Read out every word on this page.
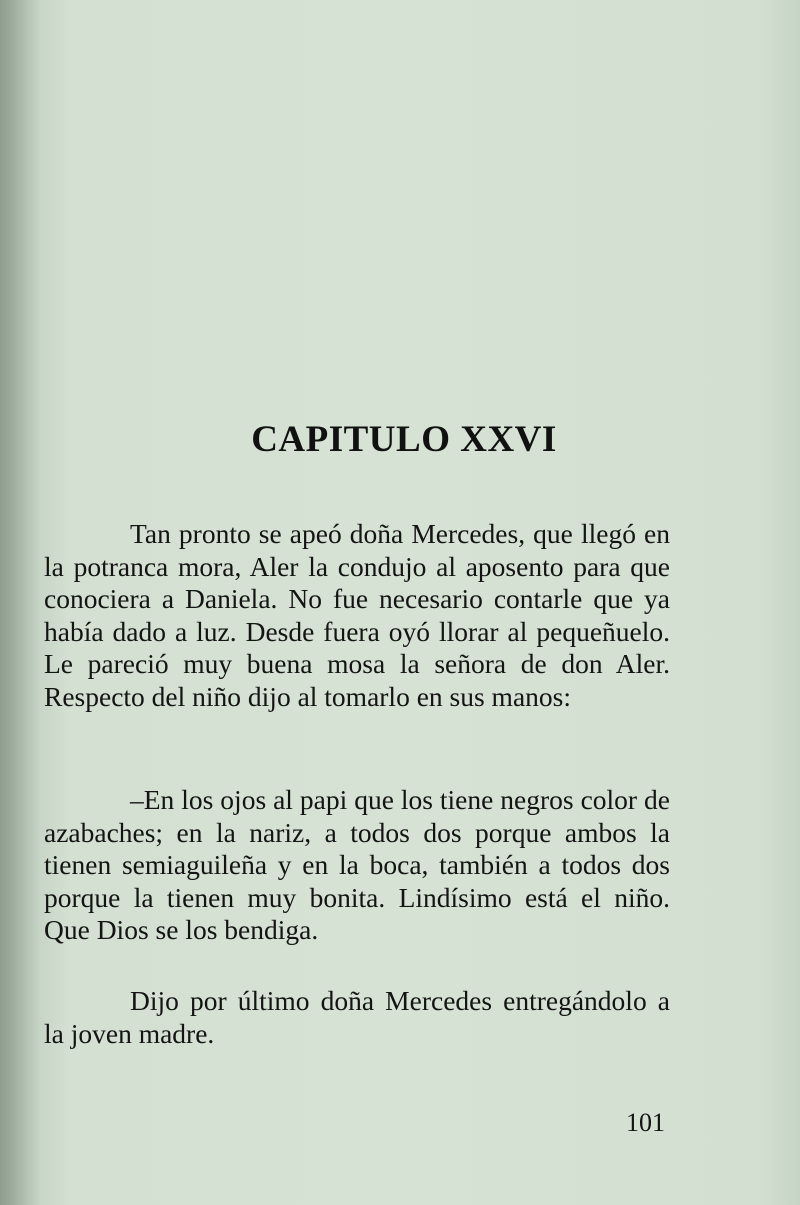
CAPITULO XXVI

Tan pronto se apeó doña Mercedes, que llegó en la potranca mora, Aler la condujo al aposento para que conociera a Daniela. No fue necesario contarle que ya había dado a luz. Desde fuera oyó llorar al pequeñuelo. Le pareció muy buena mosa la señora de don Aler. Respecto del niño dijo al tomarlo en sus manos:

–En los ojos al papi que los tiene negros color de azabaches; en la nariz, a todos dos porque ambos la tienen semiaguileña y en la boca, también a todos dos porque la tienen muy bonita. Lindísimo está el niño. Que Dios se los bendiga.

Dijo por último doña Mercedes entregándolo a la joven madre.

101
